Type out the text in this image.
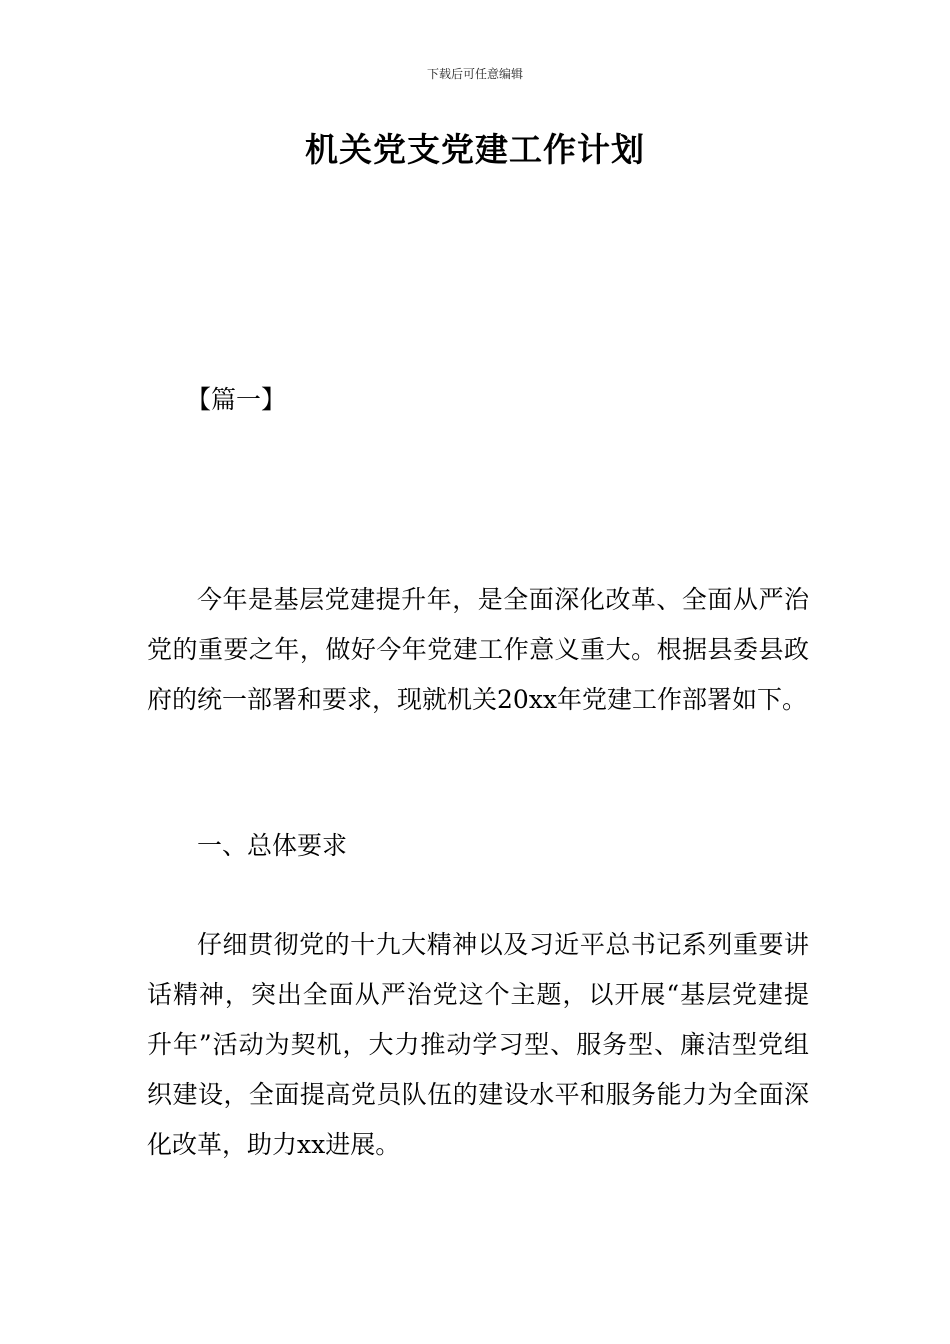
下载后可任意编辑
机关党支党建工作计划

【篇一】

今年是基层党建提升年，是全面深化改革、全面从严治党的重要之年，做好今年党建工作意义重大。根据县委县政府的统一部署和要求，现就机关20xx年党建工作部署如下。

一、总体要求

仔细贯彻党的十九大精神以及习近平总书记系列重要讲话精神，突出全面从严治党这个主题，以开展“基层党建提升年”活动为契机，大力推动学习型、服务型、廉洁型党组织建设，全面提高党员队伍的建设水平和服务能力为全面深化改革，助力xx进展。
